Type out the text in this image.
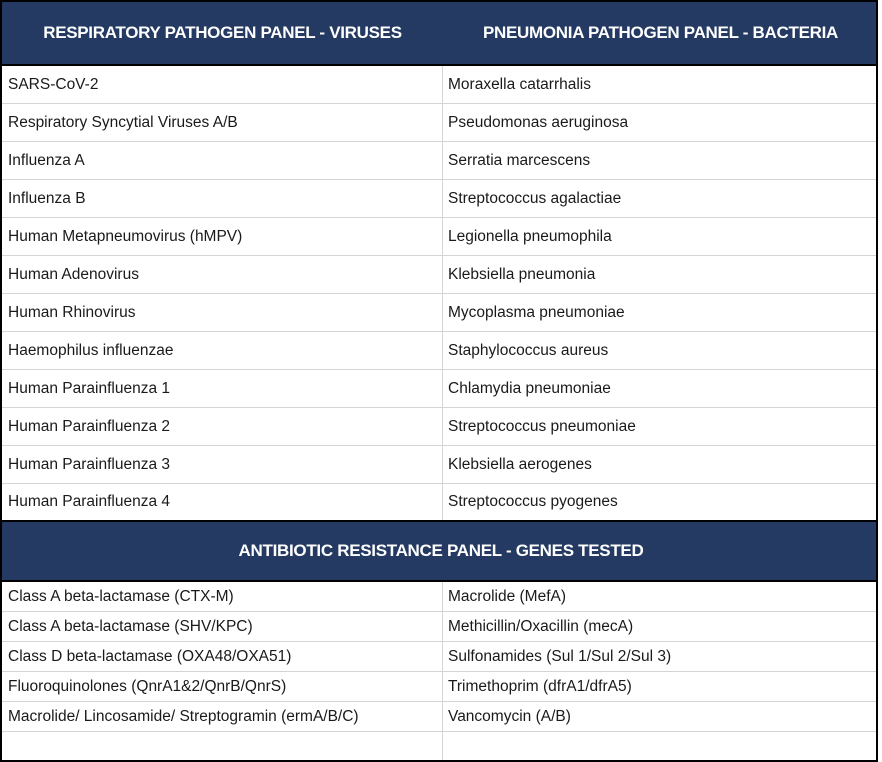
RESPIRATORY PATHOGEN PANEL - VIRUSES	PNEUMONIA PATHOGEN PANEL - BACTERIA
SARS-CoV-2	Moraxella catarrhalis
Respiratory Syncytial Viruses A/B	Pseudomonas aeruginosa
Influenza A	Serratia marcescens
Influenza B	Streptococcus agalactiae
Human Metapneumovirus (hMPV)	Legionella pneumophila
Human Adenovirus	Klebsiella pneumonia
Human Rhinovirus	Mycoplasma pneumoniae
Haemophilus influenzae	Staphylococcus aureus
Human Parainfluenza 1	Chlamydia pneumoniae
Human Parainfluenza 2	Streptococcus pneumoniae
Human Parainfluenza 3	Klebsiella aerogenes
Human Parainfluenza 4	Streptococcus pyogenes
ANTIBIOTIC RESISTANCE PANEL - GENES TESTED
Class A beta-lactamase (CTX-M)	Macrolide (MefA)
Class A beta-lactamase (SHV/KPC)	Methicillin/Oxacillin (mecA)
Class D beta-lactamase (OXA48/OXA51)	Sulfonamides (Sul 1/Sul 2/Sul 3)
Fluoroquinolones (QnrA1&2/QnrB/QnrS)	Trimethoprim (dfrA1/dfrA5)
Macrolide/ Lincosamide/ Streptogramin (ermA/B/C)	Vancomycin (A/B)
